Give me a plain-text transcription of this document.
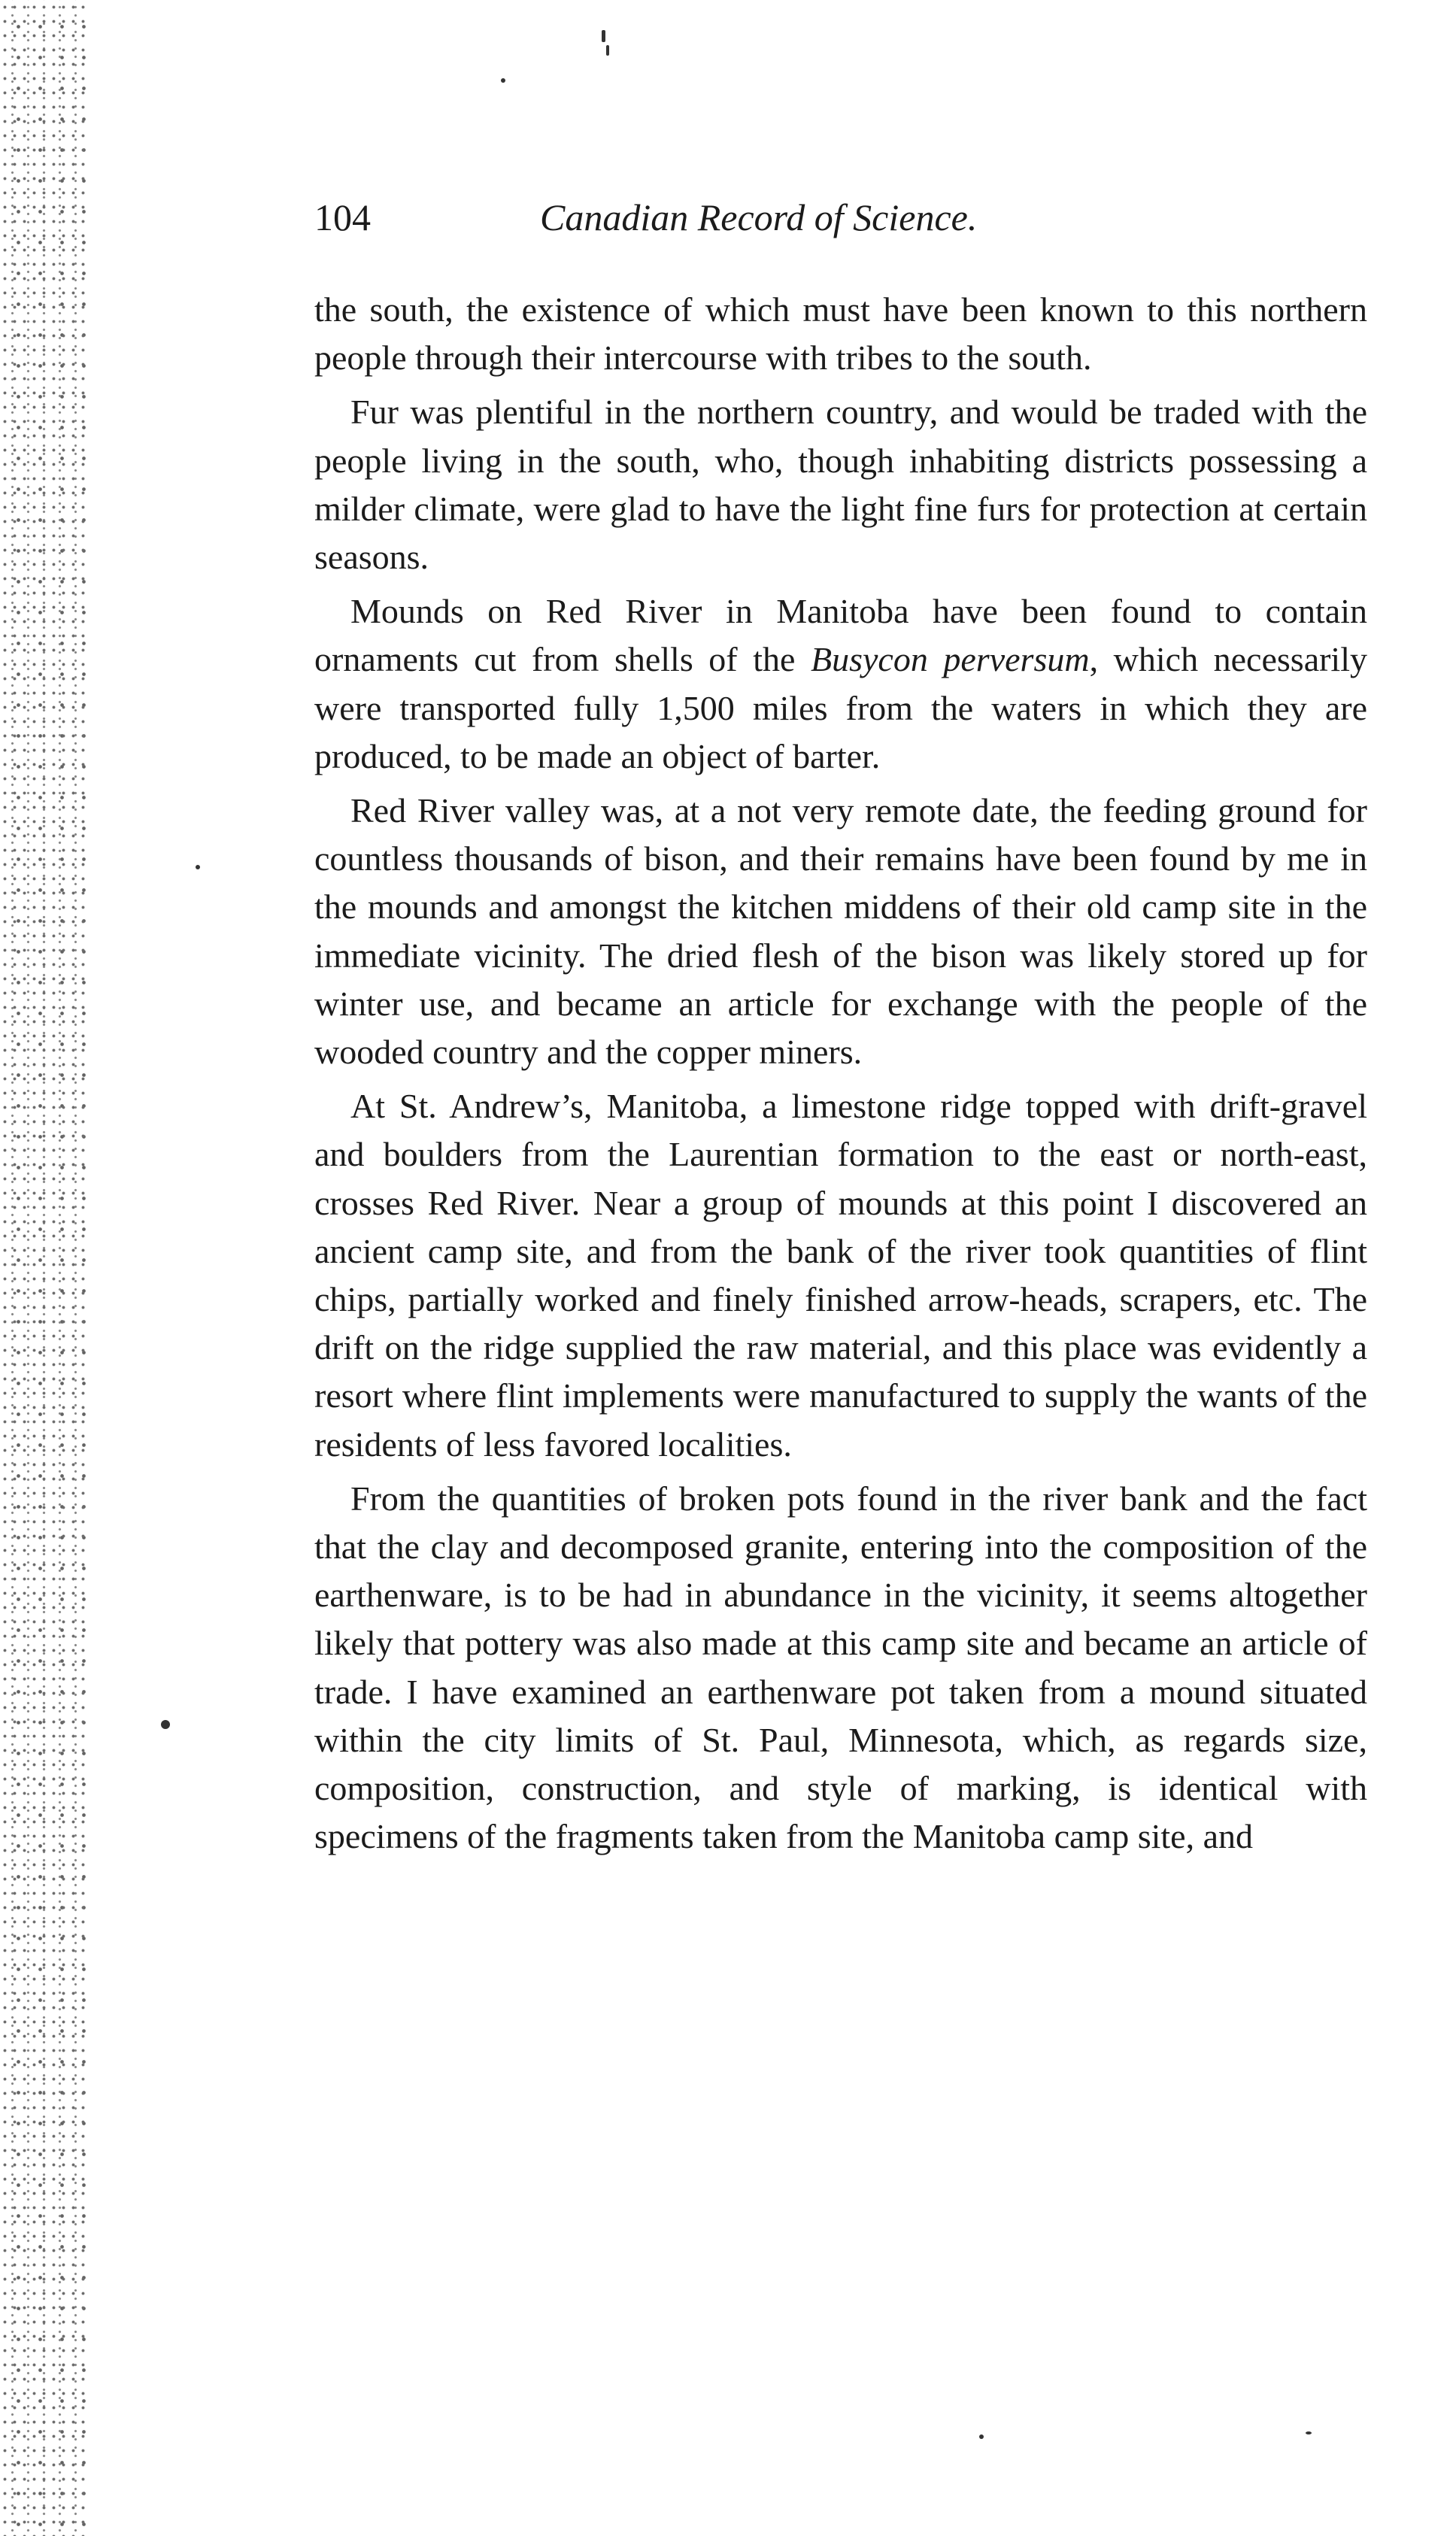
104	Canadian Record of Science.

the south, the existence of which must have been known to this northern people through their intercourse with tribes to the south.

Fur was plentiful in the northern country, and would be traded with the people living in the south, who, though inhabiting districts possessing a milder climate, were glad to have the light fine furs for protection at certain seasons.

Mounds on Red River in Manitoba have been found to contain ornaments cut from shells of the Busycon perversum, which necessarily were transported fully 1,500 miles from the waters in which they are produced, to be made an object of barter.

Red River valley was, at a not very remote date, the feeding ground for countless thousands of bison, and their remains have been found by me in the mounds and amongst the kitchen middens of their old camp site in the immediate vicinity. The dried flesh of the bison was likely stored up for winter use, and became an article for exchange with the people of the wooded country and the copper miners.

At St. Andrew’s, Manitoba, a limestone ridge topped with drift-gravel and boulders from the Laurentian formation to the east or north-east, crosses Red River. Near a group of mounds at this point I discovered an ancient camp site, and from the bank of the river took quantities of flint chips, partially worked and finely finished arrow-heads, scrapers, etc. The drift on the ridge supplied the raw material, and this place was evidently a resort where flint implements were manufactured to supply the wants of the residents of less favored localities.

From the quantities of broken pots found in the river bank and the fact that the clay and decomposed granite, entering into the composition of the earthenware, is to be had in abundance in the vicinity, it seems altogether likely that pottery was also made at this camp site and became an article of trade. I have examined an earthenware pot taken from a mound situated within the city limits of St. Paul, Minnesota, which, as regards size, composition, construction, and style of marking, is identical with specimens of the fragments taken from the Manitoba camp site, and
